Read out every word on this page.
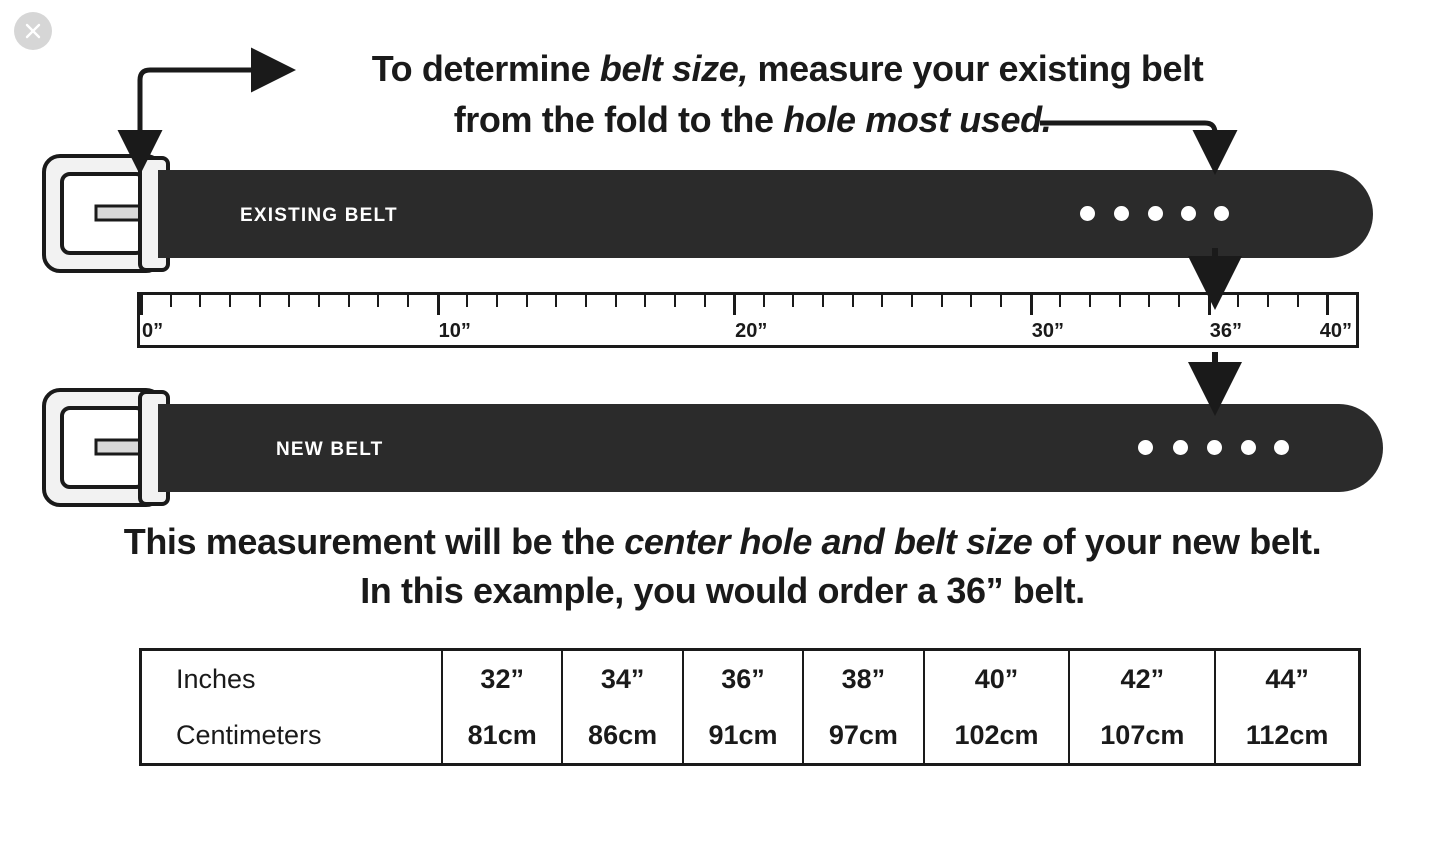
To determine belt size, measure your existing belt
from the fold to the hole most used.
EXISTING BELT
0”	10”	20”	30”	36”	40”
NEW BELT
This measurement will be the center hole and belt size of your new belt.
In this example, you would order a 36” belt.
Inches	32”	34”	36”	38”	40”	42”	44”
Centimeters	81cm	86cm	91cm	97cm	102cm	107cm	112cm
